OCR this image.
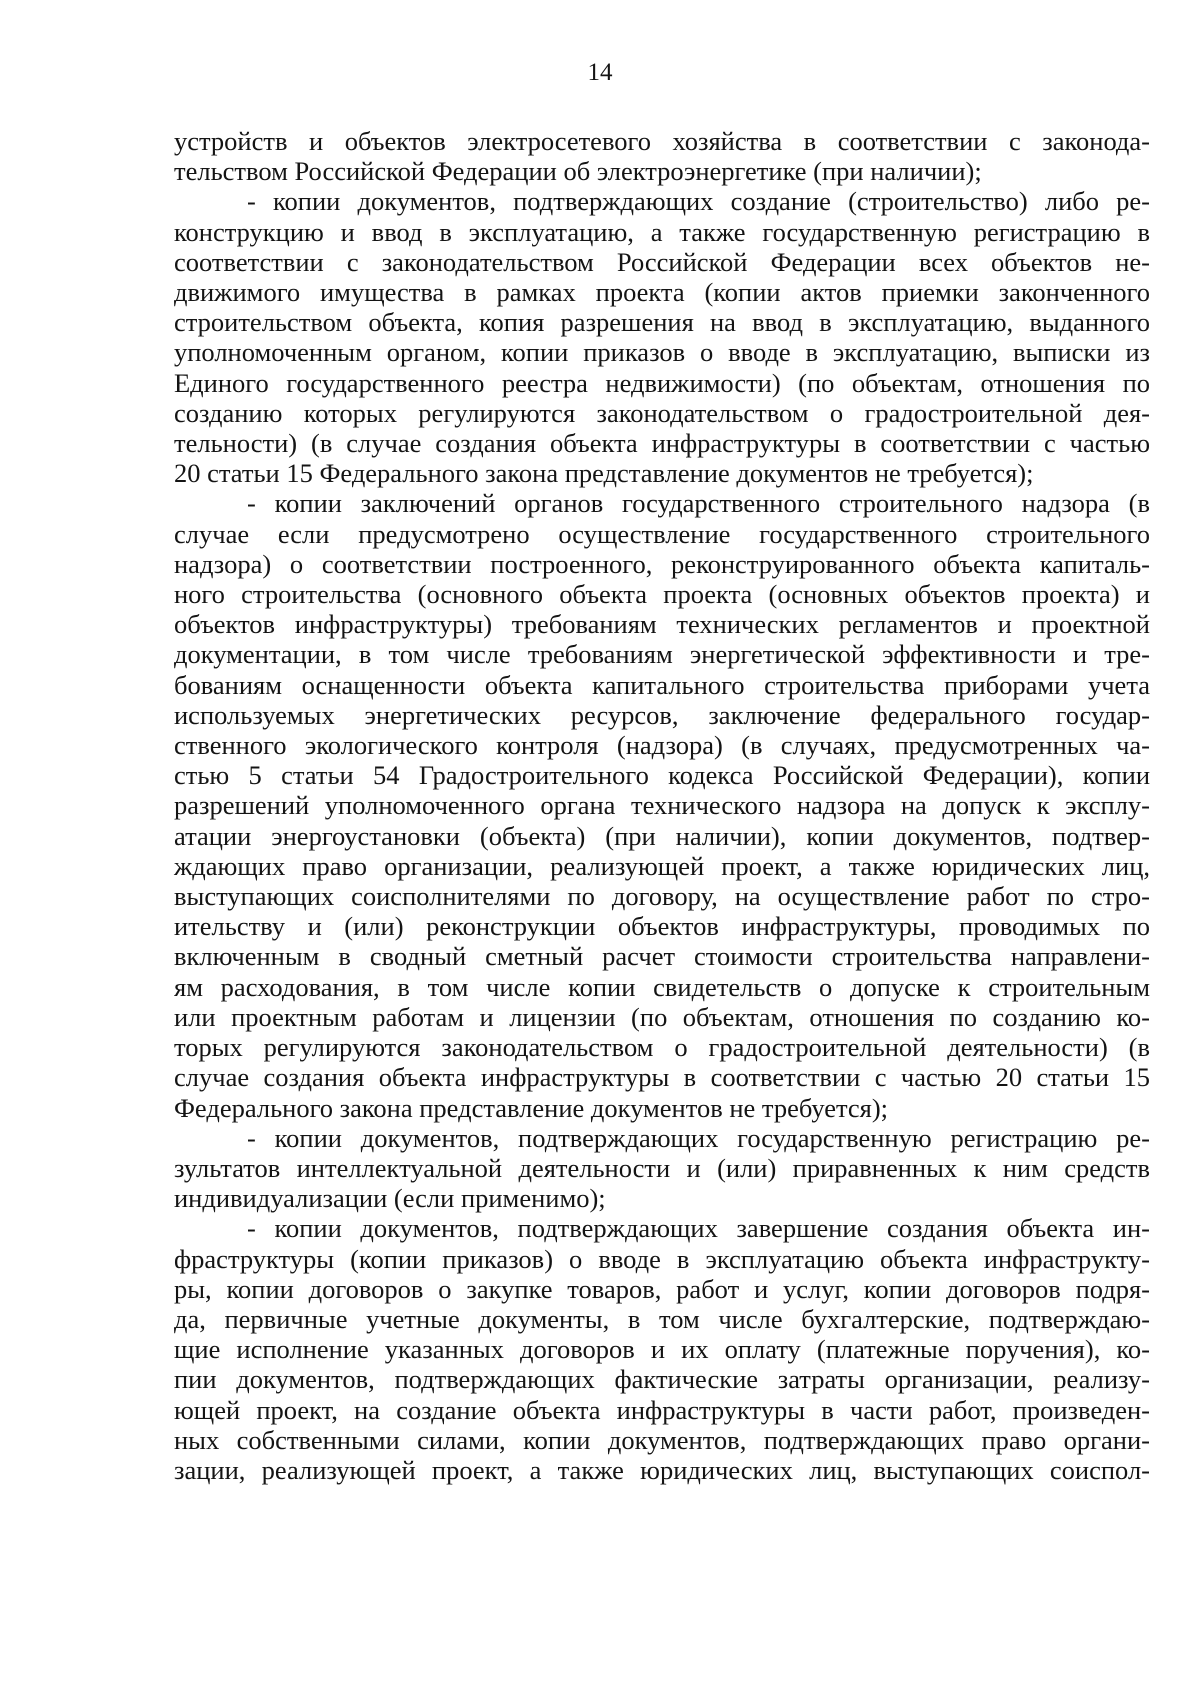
14
устройств и объектов электросетевого хозяйства в соответствии с законода-
тельством Российской Федерации об электроэнергетике (при наличии);
- копии документов, подтверждающих создание (строительство) либо ре-
конструкцию и ввод в эксплуатацию, а также государственную регистрацию в
соответствии с законодательством Российской Федерации всех объектов не-
движимого имущества в рамках проекта (копии актов приемки законченного
строительством объекта, копия разрешения на ввод в эксплуатацию, выданного
уполномоченным органом, копии приказов о вводе в эксплуатацию, выписки из
Единого государственного реестра недвижимости) (по объектам, отношения по
созданию которых регулируются законодательством о градостроительной дея-
тельности) (в случае создания объекта инфраструктуры в соответствии с частью
20 статьи 15 Федерального закона представление документов не требуется);
- копии заключений органов государственного строительного надзора (в
случае если предусмотрено осуществление государственного строительного
надзора) о соответствии построенного, реконструированного объекта капиталь-
ного строительства (основного объекта проекта (основных объектов проекта) и
объектов инфраструктуры) требованиям технических регламентов и проектной
документации, в том числе требованиям энергетической эффективности и тре-
бованиям оснащенности объекта капитального строительства приборами учета
используемых энергетических ресурсов, заключение федерального государ-
ственного экологического контроля (надзора) (в случаях, предусмотренных ча-
стью 5 статьи 54 Градостроительного кодекса Российской Федерации), копии
разрешений уполномоченного органа технического надзора на допуск к эксплу-
атации энергоустановки (объекта) (при наличии), копии документов, подтвер-
ждающих право организации, реализующей проект, а также юридических лиц,
выступающих соисполнителями по договору, на осуществление работ по стро-
ительству и (или) реконструкции объектов инфраструктуры, проводимых по
включенным в сводный сметный расчет стоимости строительства направлени-
ям расходования, в том числе копии свидетельств о допуске к строительным
или проектным работам и лицензии (по объектам, отношения по созданию ко-
торых регулируются законодательством о градостроительной деятельности) (в
случае создания объекта инфраструктуры в соответствии с частью 20 статьи 15
Федерального закона представление документов не требуется);
- копии документов, подтверждающих государственную регистрацию ре-
зультатов интеллектуальной деятельности и (или) приравненных к ним средств
индивидуализации (если применимо);
- копии документов, подтверждающих завершение создания объекта ин-
фраструктуры (копии приказов) о вводе в эксплуатацию объекта инфраструкту-
ры, копии договоров о закупке товаров, работ и услуг, копии договоров подря-
да, первичные учетные документы, в том числе бухгалтерские, подтверждаю-
щие исполнение указанных договоров и их оплату (платежные поручения), ко-
пии документов, подтверждающих фактические затраты организации, реализу-
ющей проект, на создание объекта инфраструктуры в части работ, произведен-
ных собственными силами, копии документов, подтверждающих право органи-
зации, реализующей проект, а также юридических лиц, выступающих соиспол-
